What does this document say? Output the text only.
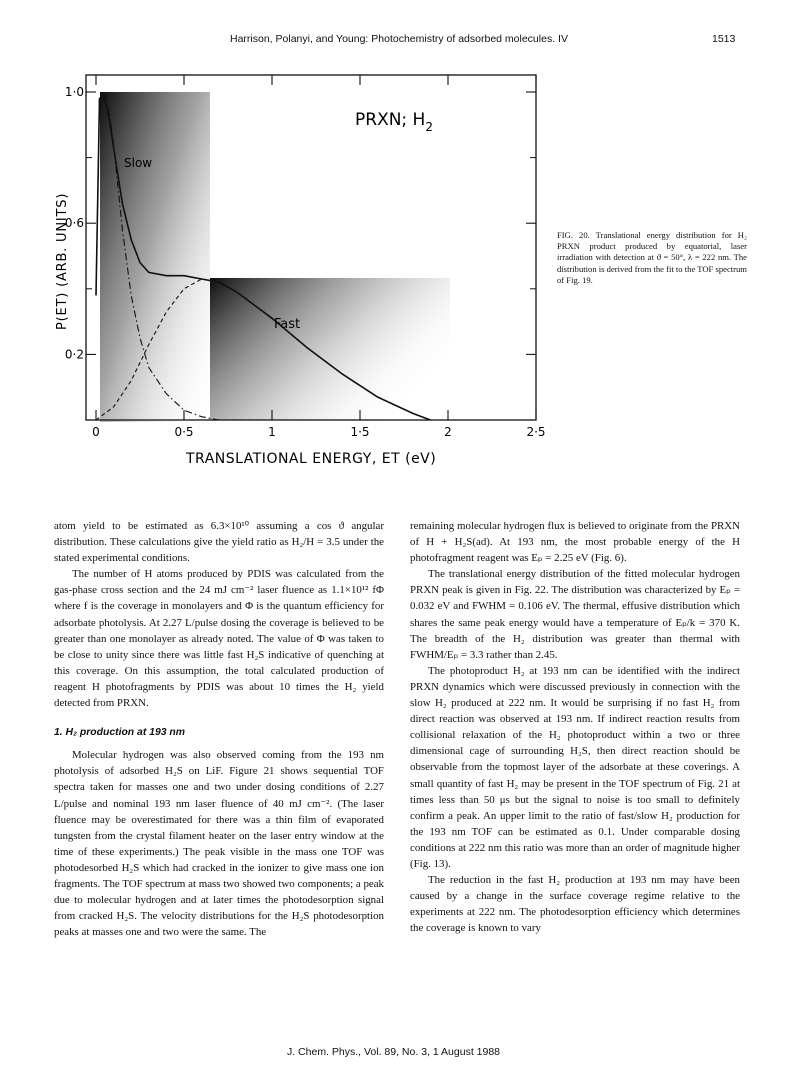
Harrison, Polanyi, and Young: Photochemistry of adsorbed molecules. IV	1513
0	0·5	1	1·5	2	2·5
0·2
0·6
1·0
PRXN; $H_2$
Slow
Fast
TRANSLATIONAL ENERGY, ET (eV)
P(ET) (ARB. UNITS)	FIG. 20. Translational energy distribution for H₂ PRXN product produced by equatorial, laser irradiation with detection at ϑ = 50°, λ = 222 nm. The distribution is derived from the fit to the TOF spectrum of Fig. 19.

atom yield to be estimated as 6.3×10¹⁰ assuming a cos ϑ angular distribution. These calculations give the yield ratio as H₂/H = 3.5 under the stated experimental conditions.

The number of H atoms produced by PDIS was calculated from the gas-phase cross section and the 24 mJ cm⁻² laser fluence as 1.1×10¹² fΦ where f is the coverage in monolayers and Φ is the quantum efficiency for adsorbate photolysis. At 2.27 L/pulse dosing the coverage is believed to be greater than one monolayer as already noted. The value of Φ was taken to be close to unity since there was little fast H₂S indicative of quenching at this coverage. On this assumption, the total calculated production of reagent H photofragments by PDIS was about 10 times the H₂ yield detected from PRXN.

1. H₂ production at 193 nm

Molecular hydrogen was also observed coming from the 193 nm photolysis of adsorbed H₂S on LiF. Figure 21 shows sequential TOF spectra taken for masses one and two under dosing conditions of 2.27 L/pulse and nominal 193 nm laser fluence of 40 mJ cm⁻². (The laser fluence may be overestimated for there was a thin film of evaporated tungsten from the crystal filament heater on the laser entry window at the time of these experiments.) The peak visible in the mass one TOF was photodesorbed H₂S which had cracked in the ionizer to give mass one ion fragments. The TOF spectrum at mass two showed two components; a peak due to molecular hydrogen and at later times the photodesorption signal from cracked H₂S. The velocity distributions for the H₂S photodesorption peaks at masses one and two were the same. The

remaining molecular hydrogen flux is believed to originate from the PRXN of H + H₂S(ad). At 193 nm, the most probable energy of the H photofragment reagent was Eₚ = 2.25 eV (Fig. 6).

The translational energy distribution of the fitted molecular hydrogen PRXN peak is given in Fig. 22. The distribution was characterized by Eₚ = 0.032 eV and FWHM = 0.106 eV. The thermal, effusive distribution which shares the same peak energy would have a temperature of Eₚ/k = 370 K. The breadth of the H₂ distribution was greater than thermal with FWHM/Eₚ = 3.3 rather than 2.45.

The photoproduct H₂ at 193 nm can be identified with the indirect PRXN dynamics which were discussed previously in connection with the slow H₂ produced at 222 nm. It would be surprising if no fast H₂ from direct reaction was observed at 193 nm. If indirect reaction results from collisional relaxation of the H₂ photoproduct within a two or three dimensional cage of surrounding H₂S, then direct reaction should be observable from the topmost layer of the adsorbate at these coverings. A small quantity of fast H₂ may be present in the TOF spectrum of Fig. 21 at times less than 50 μs but the signal to noise is too small to definitely confirm a peak. An upper limit to the ratio of fast/slow H₂ production for the 193 nm TOF can be estimated as 0.1. Under comparable dosing conditions at 222 nm this ratio was more than an order of magnitude higher (Fig. 13).

The reduction in the fast H₂ production at 193 nm may have been caused by a change in the surface coverage regime relative to the experiments at 222 nm. The photodesorption efficiency which determines the coverage is known to vary

J. Chem. Phys., Vol. 89, No. 3, 1 August 1988
